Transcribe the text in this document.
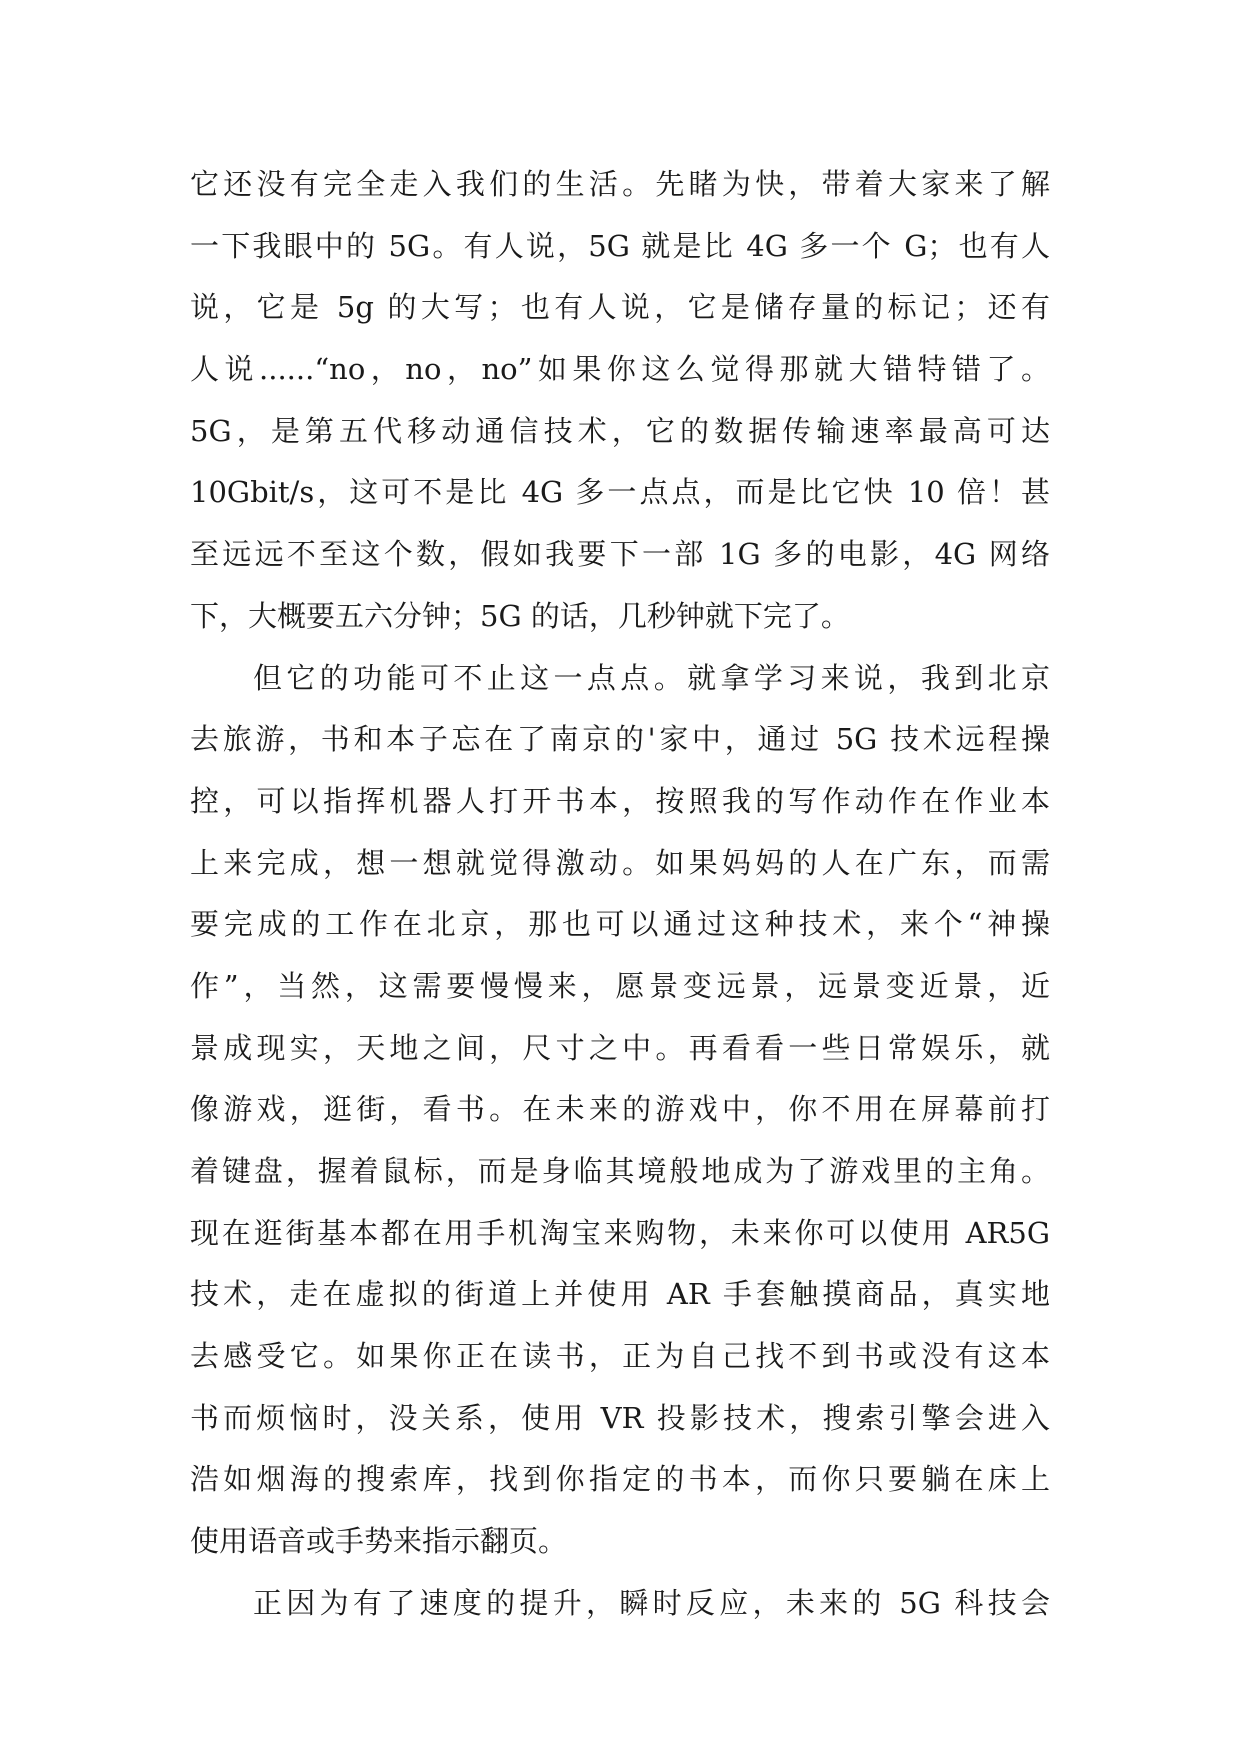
它还没有完全走入我们的生活。先睹为快，带着大家来了解
一下我眼中的 5G。有人说，5G 就是比 4G 多一个 G；也有人
说，它是 5g 的大写；也有人说，它是储存量的标记；还有
人说......“no，no，no”如果你这么觉得那就大错特错了。
5G，是第五代移动通信技术，它的数据传输速率最高可达
10Gbit/s，这可不是比 4G 多一点点，而是比它快 10 倍！甚
至远远不至这个数，假如我要下一部 1G 多的电影，4G 网络
下，大概要五六分钟；5G 的话，几秒钟就下完了。
但它的功能可不止这一点点。就拿学习来说，我到北京
去旅游，书和本子忘在了南京的'家中，通过 5G 技术远程操
控，可以指挥机器人打开书本，按照我的写作动作在作业本
上来完成，想一想就觉得激动。如果妈妈的人在广东，而需
要完成的工作在北京，那也可以通过这种技术，来个“神操
作”，当然，这需要慢慢来，愿景变远景，远景变近景，近
景成现实，天地之间，尺寸之中。再看看一些日常娱乐，就
像游戏，逛街，看书。在未来的游戏中，你不用在屏幕前打
着键盘，握着鼠标，而是身临其境般地成为了游戏里的主角。
现在逛街基本都在用手机淘宝来购物，未来你可以使用 AR5G
技术，走在虚拟的街道上并使用 AR 手套触摸商品，真实地
去感受它。如果你正在读书，正为自己找不到书或没有这本
书而烦恼时，没关系，使用 VR 投影技术，搜索引擎会进入
浩如烟海的搜索库，找到你指定的书本，而你只要躺在床上
使用语音或手势来指示翻页。
正因为有了速度的提升，瞬时反应，未来的 5G 科技会
